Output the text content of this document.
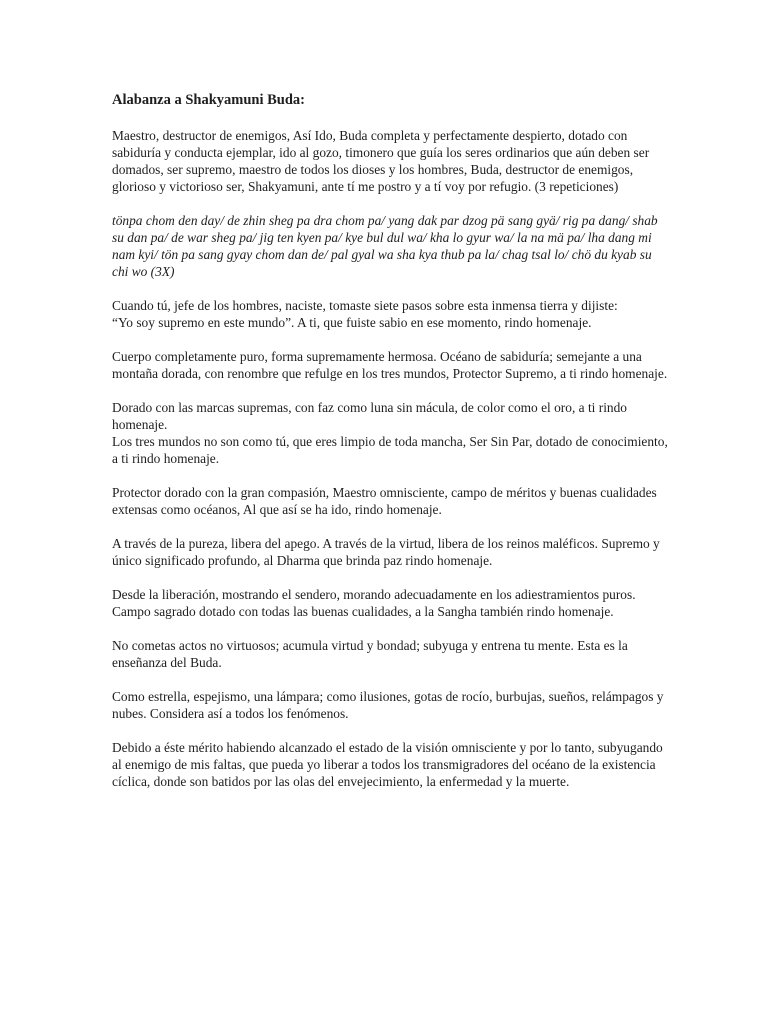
Alabanza a Shakyamuni Buda:

Maestro, destructor de enemigos, Así Ido, Buda completa y perfectamente despierto, dotado con sabiduría y conducta ejemplar, ido al gozo, timonero que guía los seres ordinarios que aún deben ser domados, ser supremo, maestro de todos los dioses y los hombres, Buda, destructor de enemigos, glorioso y victorioso ser, Shakyamuni, ante tí me postro y a tí voy por refugio. (3 repeticiones)

tönpa chom den day/ de zhin sheg pa dra chom pa/ yang dak par dzog pä sang gyä/ rig pa dang/ shab su dan pa/ de war sheg pa/ jig ten kyen pa/ kye bul dul wa/ kha lo gyur wa/ la na mä pa/ lha dang mi nam kyi/ tön pa sang gyay chom dan de/ pal gyal wa sha kya thub pa la/ chag tsal lo/ chö du kyab su chi wo (3X)

Cuando tú, jefe de los hombres, naciste, tomaste siete pasos sobre esta inmensa tierra y dijiste:
“Yo soy supremo en este mundo”. A ti, que fuiste sabio en ese momento, rindo homenaje.

Cuerpo completamente puro, forma supremamente hermosa. Océano de sabiduría; semejante a una montaña dorada, con renombre que refulge en los tres mundos, Protector Supremo, a ti rindo homenaje.

Dorado con las marcas supremas, con faz como luna sin mácula, de color como el oro, a ti rindo homenaje.
Los tres mundos no son como tú, que eres limpio de toda mancha, Ser Sin Par, dotado de conocimiento, a ti rindo homenaje.

Protector dorado con la gran compasión, Maestro omnisciente, campo de méritos y buenas cualidades extensas como océanos, Al que así se ha ido, rindo homenaje.

A través de la pureza, libera del apego. A través de la virtud, libera de los reinos maléficos. Supremo y único significado profundo, al Dharma que brinda paz rindo homenaje.

Desde la liberación, mostrando el sendero, morando adecuadamente en los adiestramientos puros. Campo sagrado dotado con todas las buenas cualidades, a la Sangha también rindo homenaje.

No cometas actos no virtuosos; acumula virtud y bondad; subyuga y entrena tu mente. Esta es la enseñanza del Buda.

Como estrella, espejismo, una lámpara; como ilusiones, gotas de rocío, burbujas, sueños, relámpagos y nubes. Considera así a todos los fenómenos.

Debido a éste mérito habiendo alcanzado el estado de la visión omnisciente y por lo tanto, subyugando al enemigo de mis faltas, que pueda yo liberar a todos los transmigradores del océano de la existencia cíclica, donde son batidos por las olas del envejecimiento, la enfermedad y la muerte.
